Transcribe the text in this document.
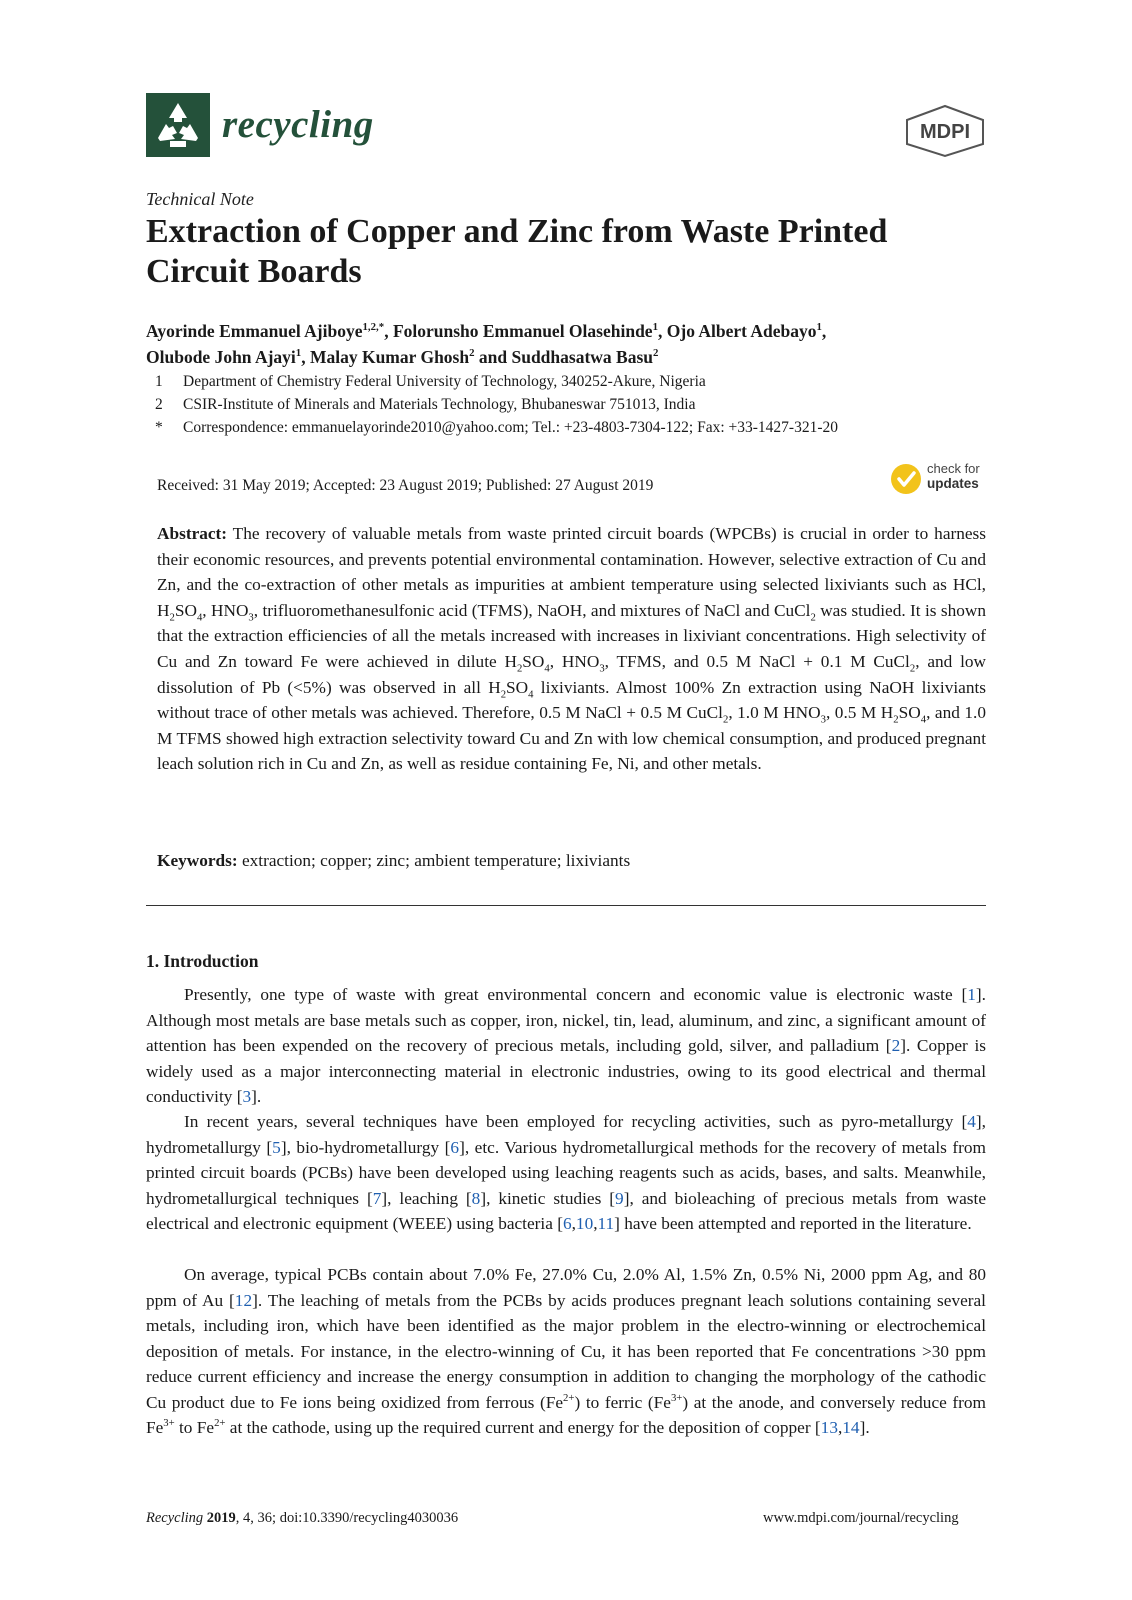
recycling	MDPI
Technical Note
Extraction of Copper and Zinc from Waste Printed Circuit Boards
Ayorinde Emmanuel Ajiboye$^{1,2,*}$, Folorunsho Emmanuel Olasehinde$^1$, Ojo Albert Adebayo$^1$,
Olubode John Ajayi$^1$, Malay Kumar Ghosh$^2$ and Suddhasatwa Basu$^2$
1 Department of Chemistry Federal University of Technology, 340252-Akure, Nigeria
2 CSIR-Institute of Minerals and Materials Technology, Bhubaneswar 751013, India
* Correspondence: emmanuelayorinde2010@yahoo.com; Tel.: +23-4803-7304-122; Fax: +33-1427-321-20
Received: 31 May 2019; Accepted: 23 August 2019; Published: 27 August 2019
check for
updates
Abstract: The recovery of valuable metals from waste printed circuit boards (WPCBs) is crucial in order to harness their economic resources, and prevents potential environmental contamination. However, selective extraction of Cu and Zn, and the co-extraction of other metals as impurities at ambient temperature using selected lixiviants such as HCl, $H_2SO_4$, $HNO_3$, trifluoromethanesulfonic acid (TFMS), NaOH, and mixtures of NaCl and CuCl$_2$ was studied. It is shown that the extraction efficiencies of all the metals increased with increases in lixiviant concentrations. High selectivity of Cu and Zn toward Fe were achieved in dilute $H_2SO_4$, $HNO_3$, TFMS, and 0.5 M NaCl + 0.1 M CuCl$_2$, and low dissolution of Pb (<5%) was observed in all $H_2SO_4$ lixiviants. Almost 100% Zn extraction using NaOH lixiviants without trace of other metals was achieved. Therefore, 0.5 M NaCl + 0.5 M CuCl$_2$, 1.0 M $HNO_3$, 0.5 M $H_2SO_4$, and 1.0 M TFMS showed high extraction selectivity toward Cu and Zn with low chemical consumption, and produced pregnant leach solution rich in Cu and Zn, as well as residue containing Fe, Ni, and other metals.
Keywords: extraction; copper; zinc; ambient temperature; lixiviants
1. Introduction
Presently, one type of waste with great environmental concern and economic value is electronic waste [1]. Although most metals are base metals such as copper, iron, nickel, tin, lead, aluminum, and zinc, a significant amount of attention has been expended on the recovery of precious metals, including gold, silver, and palladium [2]. Copper is widely used as a major interconnecting material in electronic industries, owing to its good electrical and thermal conductivity [3].
In recent years, several techniques have been employed for recycling activities, such as pyro-metallurgy [4], hydrometallurgy [5], bio-hydrometallurgy [6], etc. Various hydrometallurgical methods for the recovery of metals from printed circuit boards (PCBs) have been developed using leaching reagents such as acids, bases, and salts. Meanwhile, hydrometallurgical techniques [7], leaching [8], kinetic studies [9], and bioleaching of precious metals from waste electrical and electronic equipment (WEEE) using bacteria [6,10,11] have been attempted and reported in the literature.
On average, typical PCBs contain about 7.0% Fe, 27.0% Cu, 2.0% Al, 1.5% Zn, 0.5% Ni, 2000 ppm Ag, and 80 ppm of Au [12]. The leaching of metals from the PCBs by acids produces pregnant leach solutions containing several metals, including iron, which have been identified as the major problem in the electro-winning or electrochemical deposition of metals. For instance, in the electro-winning of Cu, it has been reported that Fe concentrations >30 ppm reduce current efficiency and increase the energy consumption in addition to changing the morphology of the cathodic Cu product due to Fe ions being oxidized from ferrous $(Fe^{2+})$ to ferric $(Fe^{3+})$ at the anode, and conversely reduce from $Fe^{3+}$ to $Fe^{2+}$ at the cathode, using up the required current and energy for the deposition of copper [13,14].
Recycling 2019, 4, 36; doi:10.3390/recycling4030036	www.mdpi.com/journal/recycling
